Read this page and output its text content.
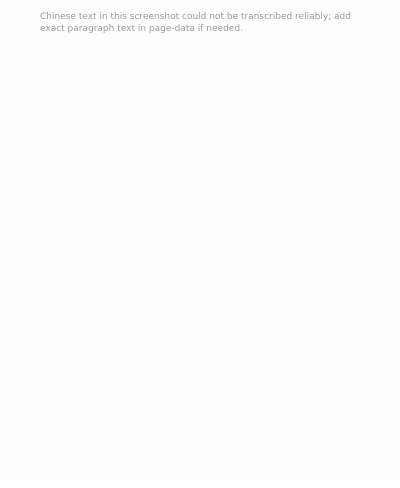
Chinese text in this screenshot could not be transcribed reliably; add exact paragraph text in page-data if needed.
